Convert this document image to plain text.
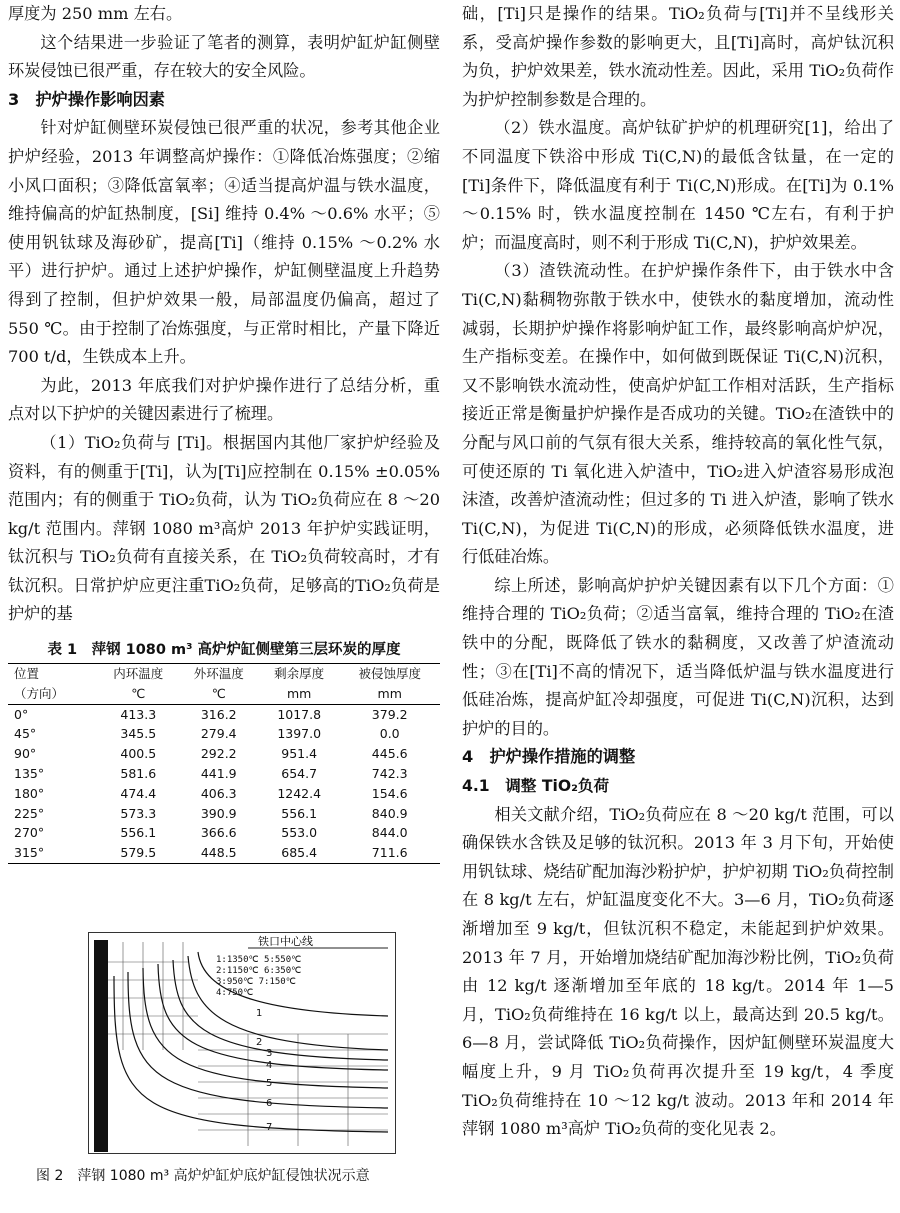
厚度为 250 mm 左右。

这个结果进一步验证了笔者的测算，表明炉缸炉缸侧壁环炭侵蚀已很严重，存在较大的安全风险。

3　护炉操作影响因素

针对炉缸侧壁环炭侵蚀已很严重的状况，参考其他企业护炉经验，2013 年调整高炉操作：①降低冶炼强度；②缩小风口面积；③降低富氧率；④适当提高炉温与铁水温度，维持偏高的炉缸热制度，[Si] 维持 0.4% ～0.6% 水平；⑤使用钒钛球及海砂矿，提高[Ti]（维持 0.15% ～0.2% 水平）进行护炉。通过上述护炉操作，炉缸侧壁温度上升趋势得到了控制，但护炉效果一般，局部温度仍偏高，超过了 550 ℃。由于控制了冶炼强度，与正常时相比，产量下降近 700 t/d，生铁成本上升。

为此，2013 年底我们对护炉操作进行了总结分析，重点对以下护炉的关键因素进行了梳理。

（1）TiO₂负荷与 [Ti]。根据国内其他厂家护炉经验及资料，有的侧重于[Ti]，认为[Ti]应控制在 0.15% ±0.05% 范围内；有的侧重于 TiO₂负荷，认为 TiO₂负荷应在 8 ～20 kg/t 范围内。萍钢 1080 m³高炉 2013 年护炉实践证明，钛沉积与 TiO₂负荷有直接关系，在 TiO₂负荷较高时，才有钛沉积。日常护炉应更注重TiO₂负荷，足够高的TiO₂负荷是护炉的基

表 1　萍钢 1080 m³ 高炉炉缸侧壁第三层环炭的厚度
位置	内环温度	外环温度	剩余厚度	被侵蚀厚度
（方向）	℃	℃	mm	mm
0°	413.3	316.2	1017.8	379.2
45°	345.5	279.4	1397.0	0.0
90°	400.5	292.2	951.4	445.6
135°	581.6	441.9	654.7	742.3
180°	474.4	406.3	1242.4	154.6
225°	573.3	390.9	556.1	840.9
270°	556.1	366.6	553.0	844.0
315°	579.5	448.5	685.4	711.6
铁口中心线
1:1350℃ 5:550℃
2:1150℃ 6:350℃
3:950℃ 7:150℃
4:750℃
1
2
3
4
5
6
7
图 2　萍钢 1080 m³ 高炉炉缸炉底炉缸侵蚀状况示意

础，[Ti]只是操作的结果。TiO₂负荷与[Ti]并不呈线形关系，受高炉操作参数的影响更大，且[Ti]高时，高炉钛沉积为负，护炉效果差，铁水流动性差。因此，采用 TiO₂负荷作为护炉控制参数是合理的。

（2）铁水温度。高炉钛矿护炉的机理研究[1]，给出了不同温度下铁浴中形成 Ti(C,N)的最低含钛量，在一定的[Ti]条件下，降低温度有利于 Ti(C,N)形成。在[Ti]为 0.1% ～0.15% 时，铁水温度控制在 1450 ℃左右，有利于护炉；而温度高时，则不利于形成 Ti(C,N)，护炉效果差。

（3）渣铁流动性。在护炉操作条件下，由于铁水中含 Ti(C,N)黏稠物弥散于铁水中，使铁水的黏度增加，流动性减弱，长期护炉操作将影响炉缸工作，最终影响高炉炉况，生产指标变差。在操作中，如何做到既保证 Ti(C,N)沉积，又不影响铁水流动性，使高炉炉缸工作相对活跃，生产指标接近正常是衡量护炉操作是否成功的关键。TiO₂在渣铁中的分配与风口前的气氛有很大关系，维持较高的氧化性气氛，可使还原的 Ti 氧化进入炉渣中，TiO₂进入炉渣容易形成泡沫渣，改善炉渣流动性；但过多的 Ti 进入炉渣，影响了铁水 Ti(C,N)，为促进 Ti(C,N)的形成，必须降低铁水温度，进行低硅冶炼。

综上所述，影响高炉护炉关键因素有以下几个方面：①维持合理的 TiO₂负荷；②适当富氧，维持合理的 TiO₂在渣铁中的分配，既降低了铁水的黏稠度，又改善了炉渣流动性；③在[Ti]不高的情况下，适当降低炉温与铁水温度进行低硅冶炼，提高炉缸冷却强度，可促进 Ti(C,N)沉积，达到护炉的目的。

4　护炉操作措施的调整
4.1　调整 TiO₂负荷

相关文献介绍，TiO₂负荷应在 8 ～20 kg/t 范围，可以确保铁水含铁及足够的钛沉积。2013 年 3 月下旬，开始使用钒钛球、烧结矿配加海沙粉护炉，护炉初期 TiO₂负荷控制在 8 kg/t 左右，炉缸温度变化不大。3—6 月，TiO₂负荷逐渐增加至 9 kg/t，但钛沉积不稳定，未能起到护炉效果。2013 年 7 月，开始增加烧结矿配加海沙粉比例，TiO₂负荷由 12 kg/t 逐渐增加至年底的 18 kg/t。2014 年 1—5 月，TiO₂负荷维持在 16 kg/t 以上，最高达到 20.5 kg/t。6—8 月，尝试降低 TiO₂负荷操作，因炉缸侧壁环炭温度大幅度上升，9 月 TiO₂负荷再次提升至 19 kg/t，4 季度 TiO₂负荷维持在 10 ～12 kg/t 波动。2013 年和 2014 年萍钢 1080 m³高炉 TiO₂负荷的变化见表 2。
